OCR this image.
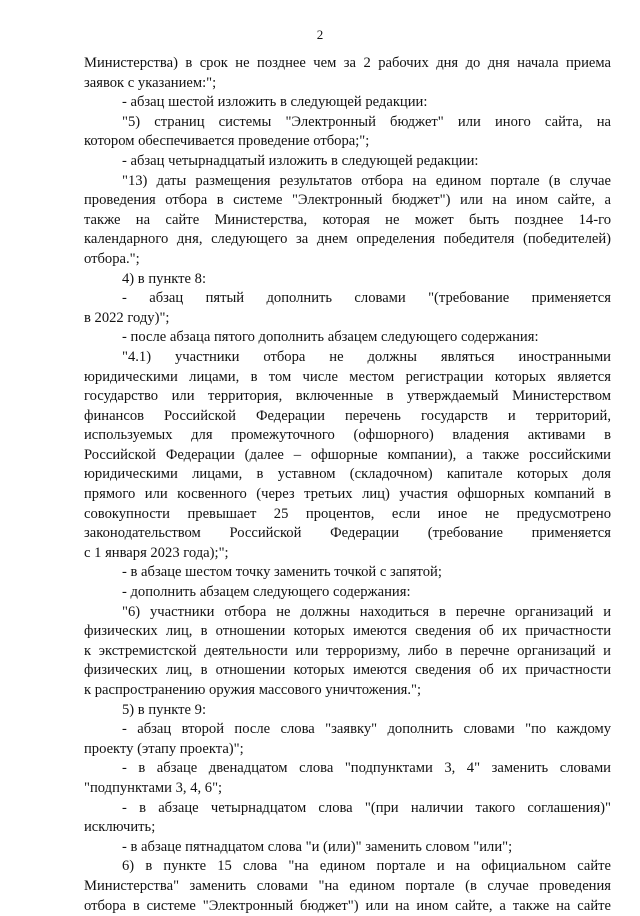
2
Министерства) в срок не позднее чем за 2 рабочих дня до дня начала приема
заявок с указанием:";
- абзац шестой изложить в следующей редакции:
"5) страниц системы "Электронный бюджет" или иного сайта, на
котором обеспечивается проведение отбора;";
- абзац четырнадцатый изложить в следующей редакции:
"13) даты размещения результатов отбора на едином портале (в случае
проведения отбора в системе "Электронный бюджет") или на ином сайте, а
также на сайте Министерства, которая не может быть позднее 14-го
календарного дня, следующего за днем определения победителя (победителей)
отбора.";
4) в пункте 8:
- абзац пятый дополнить словами "(требование применяется
в 2022 году)";
- после абзаца пятого дополнить абзацем следующего содержания:
"4.1) участники отбора не должны являться иностранными
юридическими лицами, в том числе местом регистрации которых является
государство или территория, включенные в утверждаемый Министерством
финансов Российской Федерации перечень государств и территорий,
используемых для промежуточного (офшорного) владения активами в
Российской Федерации (далее – офшорные компании), а также российскими
юридическими лицами, в уставном (складочном) капитале которых доля
прямого или косвенного (через третьих лиц) участия офшорных компаний в
совокупности превышает 25 процентов, если иное не предусмотрено
законодательством Российской Федерации (требование применяется
с 1 января 2023 года);";
- в абзаце шестом точку заменить точкой с запятой;
- дополнить абзацем следующего содержания:
"6) участники отбора не должны находиться в перечне организаций и
физических лиц, в отношении которых имеются сведения об их причастности
к экстремистской деятельности или терроризму, либо в перечне организаций и
физических лиц, в отношении которых имеются сведения об их причастности
к распространению оружия массового уничтожения.";
5) в пункте 9:
- абзац второй после слова "заявку" дополнить словами "по каждому
проекту (этапу проекта)";
- в абзаце двенадцатом слова "подпунктами 3, 4" заменить словами
"подпунктами 3, 4, 6";
- в абзаце четырнадцатом слова "(при наличии такого соглашения)"
исключить;
- в абзаце пятнадцатом слова "и (или)" заменить словом "или";
6) в пункте 15 слова "на едином портале и на официальном сайте
Министерства" заменить словами "на едином портале (в случае проведения
отбора в системе "Электронный бюджет") или на ином сайте, а также на сайте
